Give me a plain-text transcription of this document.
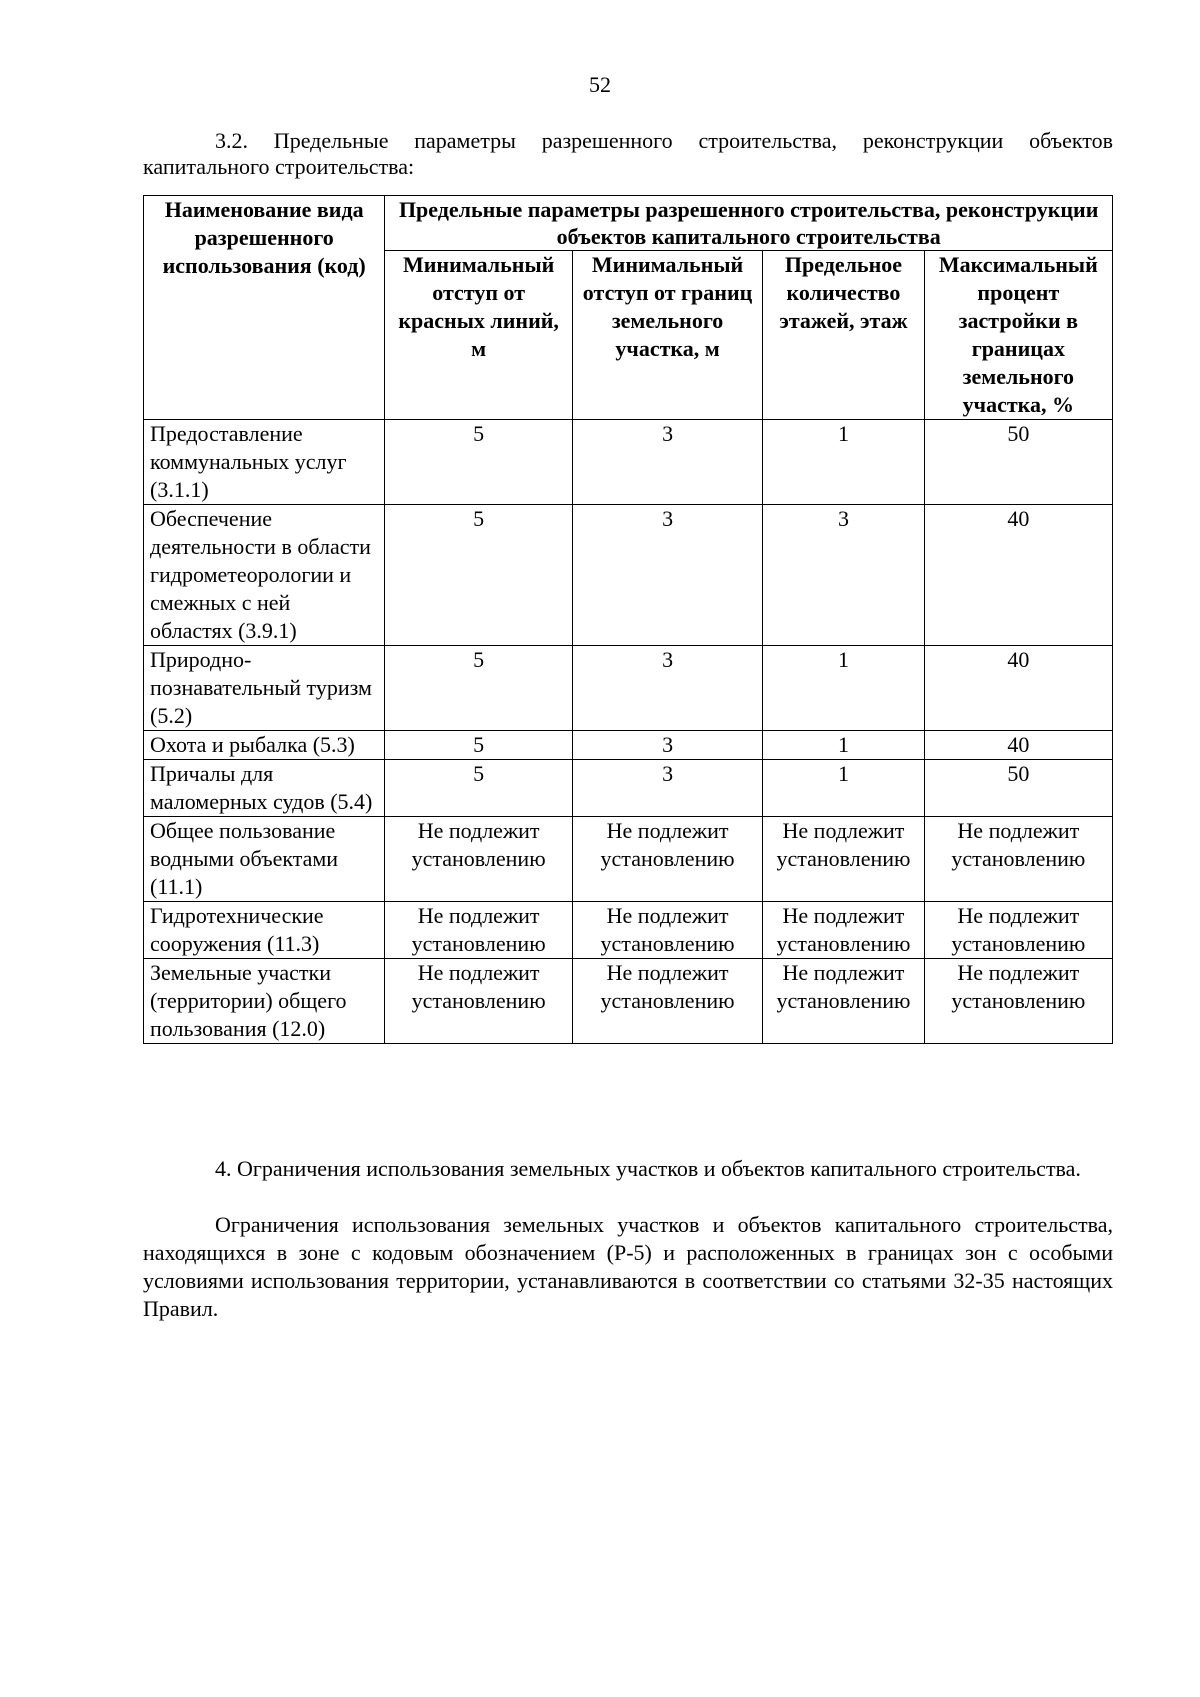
52

3.2. Предельные параметры разрешенного строительства, реконструкции объектов капитального строительства:

Наименование вида разрешенного использования (код)	Предельные параметры разрешенного строительства, реконструкции объектов капитального строительства			
	Минимальный отступ от красных линий, м	Минимальный отступ от границ земельного участка, м	Предельное количество этажей, этаж	Максимальный процент застройки в границах земельного участка, %
Предоставление коммунальных услуг (3.1.1)	5	3	1	50
Обеспечение деятельности в области гидрометеорологии и смежных с ней областях (3.9.1)	5	3	3	40
Природно-познавательный туризм (5.2)	5	3	1	40
Охота и рыбалка (5.3)	5	3	1	40
Причалы для маломерных судов (5.4)	5	3	1	50
Общее пользование водными объектами (11.1)	Не подлежит установлению	Не подлежит установлению	Не подлежит установлению	Не подлежит установлению
Гидротехнические сооружения (11.3)	Не подлежит установлению	Не подлежит установлению	Не подлежит установлению	Не подлежит установлению
Земельные участки (территории) общего пользования (12.0)	Не подлежит установлению	Не подлежит установлению	Не подлежит установлению	Не подлежит установлению

4. Ограничения использования земельных участков и объектов капитального строительства.

Ограничения использования земельных участков и объектов капитального строительства, находящихся в зоне с кодовым обозначением (Р-5) и расположенных в границах зон с особыми условиями использования территории, устанавливаются в соответствии со статьями 32-35 настоящих Правил.
